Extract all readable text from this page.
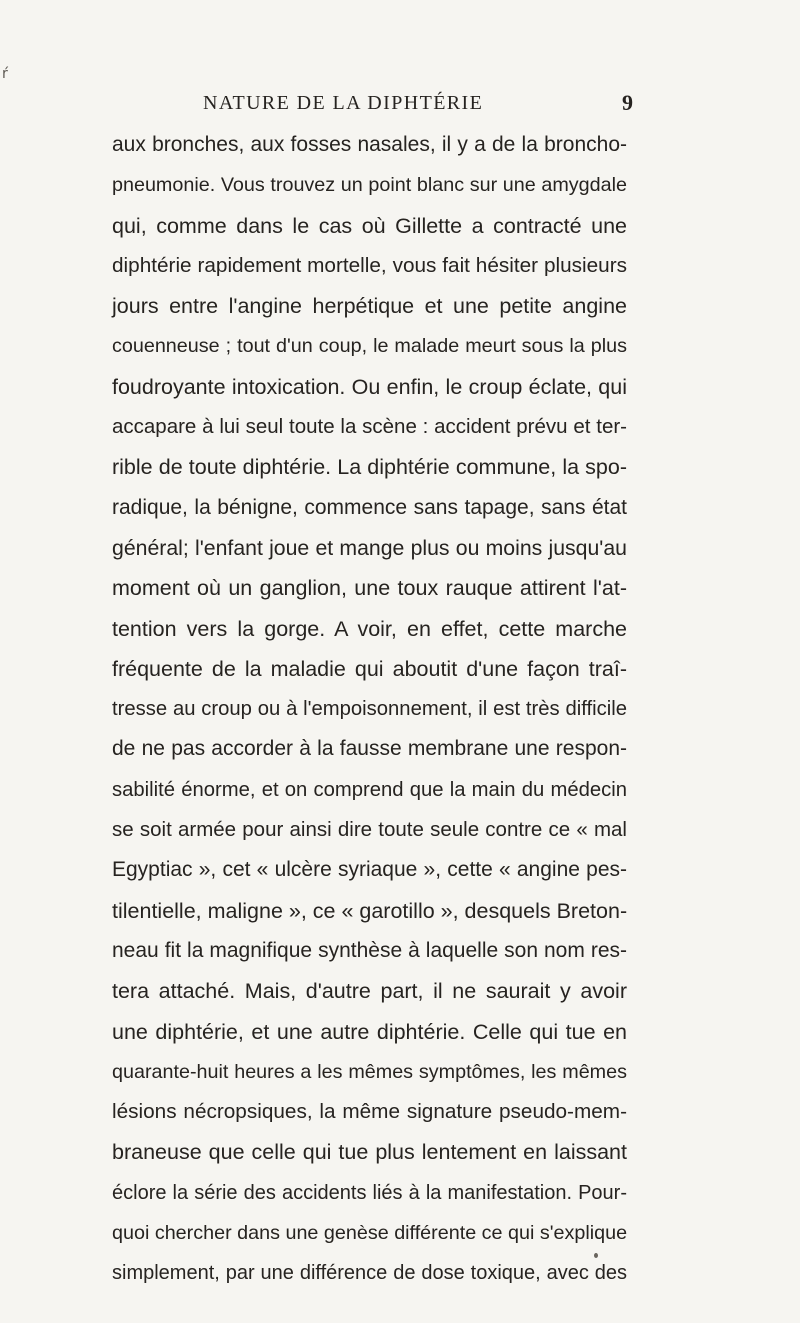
ŕ
NATURE DE LA DIPHTÉRIE	9
aux bronches, aux fosses nasales, il y a de la broncho-
pneumonie. Vous trouvez un point blanc sur une amygdale
qui, comme dans le cas où Gillette a contracté une
diphtérie rapidement mortelle, vous fait hésiter plusieurs
jours entre l'angine herpétique et une petite angine
couenneuse ; tout d'un coup, le malade meurt sous la plus
foudroyante intoxication. Ou enfin, le croup éclate, qui
accapare à lui seul toute la scène : accident prévu et ter-
rible de toute diphtérie. La diphtérie commune, la spo-
radique, la bénigne, commence sans tapage, sans état
général; l'enfant joue et mange plus ou moins jusqu'au
moment où un ganglion, une toux rauque attirent l'at-
tention vers la gorge. A voir, en effet, cette marche
fréquente de la maladie qui aboutit d'une façon traî-
tresse au croup ou à l'empoisonnement, il est très difficile
de ne pas accorder à la fausse membrane une respon-
sabilité énorme, et on comprend que la main du médecin
se soit armée pour ainsi dire toute seule contre ce « mal
Egyptiac », cet « ulcère syriaque », cette « angine pes-
tilentielle, maligne », ce « garotillo », desquels Breton-
neau fit la magnifique synthèse à laquelle son nom res-
tera attaché. Mais, d'autre part, il ne saurait y avoir
une diphtérie, et une autre diphtérie. Celle qui tue en
quarante-huit heures a les mêmes symptômes, les mêmes
lésions nécropsiques, la même signature pseudo-mem-
braneuse que celle qui tue plus lentement en laissant
éclore la série des accidents liés à la manifestation. Pour-
quoi chercher dans une genèse différente ce qui s'explique
simplement, par une différence de dose toxique, avec des
